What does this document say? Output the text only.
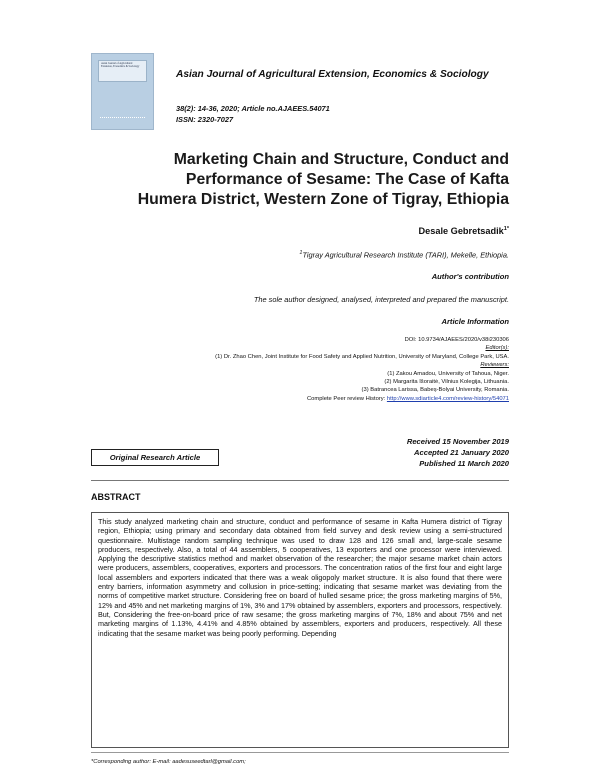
Asian Journal of Agricultural Extension, Economics & Sociology
Asian Journal of Agricultural Extension, Economics & Sociology
38(2): 14-36, 2020; Article no.AJAEES.54071
ISSN: 2320-7027
Marketing Chain and Structure, Conduct and Performance of Sesame: The Case of Kafta Humera District, Western Zone of Tigray, Ethiopia
Desale Gebretsadik$^{1*}$
$^1$Tigray Agricultural Research Institute (TARI), Mekelle, Ethiopia.
Author's contribution
The sole author designed, analysed, interpreted and prepared the manuscript.
Article Information
DOI: 10.9734/AJAEES/2020/v38i230306
Editor(s):
(1) Dr. Zhao Chen, Joint Institute for Food Safety and Applied Nutrition, University of Maryland, College Park, USA.
Reviewers:
(1) Zakou Amadou, University of Tahoua, Niger.
(2) Margarita Išoraitė, Vilnius Kolegija, Lithuania.
(3) Batrancea Larissa, Babeș-Bolyai University, Romania.
Complete Peer review History: http://www.sdiarticle4.com/review-history/54071
Received 15 November 2019
Accepted 21 January 2020
Published 11 March 2020
Original Research Article
ABSTRACT

This study analyzed marketing chain and structure, conduct and performance of sesame in Kafta Humera district of Tigray region, Ethiopia; using primary and secondary data obtained from field survey and desk review using a semi-structured questionnaire. Multistage random sampling technique was used to draw 128 and 126 small and, large-scale sesame producers, respectively. Also, a total of 44 assemblers, 5 cooperatives, 13 exporters and one processor were interviewed. Applying the descriptive statistics method and market observation of the researcher; the major sesame market chain actors were producers, assemblers, cooperatives, exporters and processors. The concentration ratios of the first four and eight large local assemblers and exporters indicated that there was a weak oligopoly market structure. It is also found that there were entry barriers, information asymmetry and collusion in price-setting; indicating that sesame market was deviating from the norms of competitive market structure. Considering free on board of hulled sesame price; the gross marketing margins of 5%, 12% and 45% and net marketing margins of 1%, 3% and 17% obtained by assemblers, exporters and processors, respectively. But, Considering the free-on-board price of raw sesame; the gross marketing margins of 7%, 18% and about 75% and net marketing margins of 1.13%, 4.41% and 4.85% obtained by assemblers, exporters and producers, respectively. All these indicating that the sesame market was being poorly performing. Depending

*Corresponding author: E-mail: aadesuseedtarl@gmail.com;
